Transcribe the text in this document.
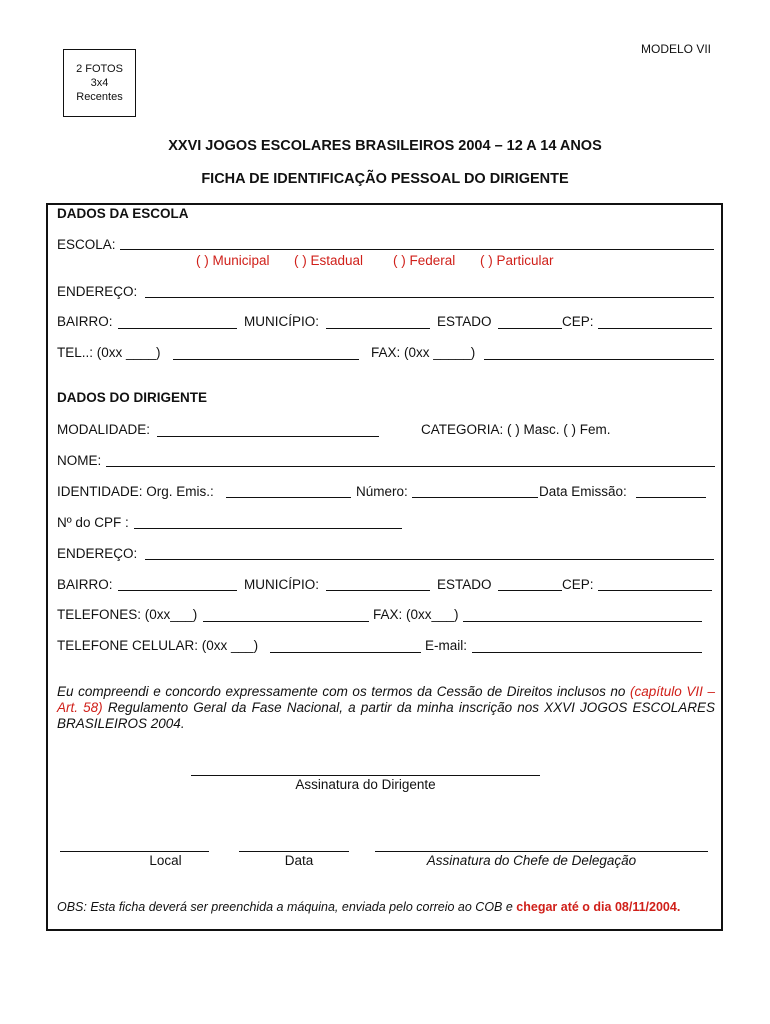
MODELO VII
2 FOTOS
3x4
Recentes
XXVI JOGOS ESCOLARES BRASILEIROS 2004 – 12 A 14 ANOS
FICHA DE IDENTIFICAÇÃO PESSOAL DO DIRIGENTE
DADOS DA ESCOLA
ESCOLA:
( ) Municipal ( ) Estadual ( ) Federal ( ) Particular
ENDEREÇO:
BAIRRO:	MUNICÍPIO:	ESTADO	CEP:
TEL..: (0xx ____)	FAX: (0xx _____)
DADOS DO DIRIGENTE
MODALIDADE:	CATEGORIA: ( ) Masc. ( ) Fem.
NOME:
IDENTIDADE: Org. Emis.:	Número:	Data Emissão:
Nº do CPF :
ENDEREÇO:
BAIRRO:	MUNICÍPIO:	ESTADO	CEP:
TELEFONES: (0xx___)	FAX: (0xx___)
TELEFONE CELULAR: (0xx ___)	E-mail:
Eu compreendi e concordo expressamente com os termos da Cessão de Direitos inclusos no (capítulo VII – Art. 58) Regulamento Geral da Fase Nacional, a partir da minha inscrição nos XXVI JOGOS ESCOLARES BRASILEIROS 2004.
Assinatura do Dirigente
Local	Data	Assinatura do Chefe de Delegação
OBS: Esta ficha deverá ser preenchida a máquina, enviada pelo correio ao COB e chegar até o dia 08/11/2004.
